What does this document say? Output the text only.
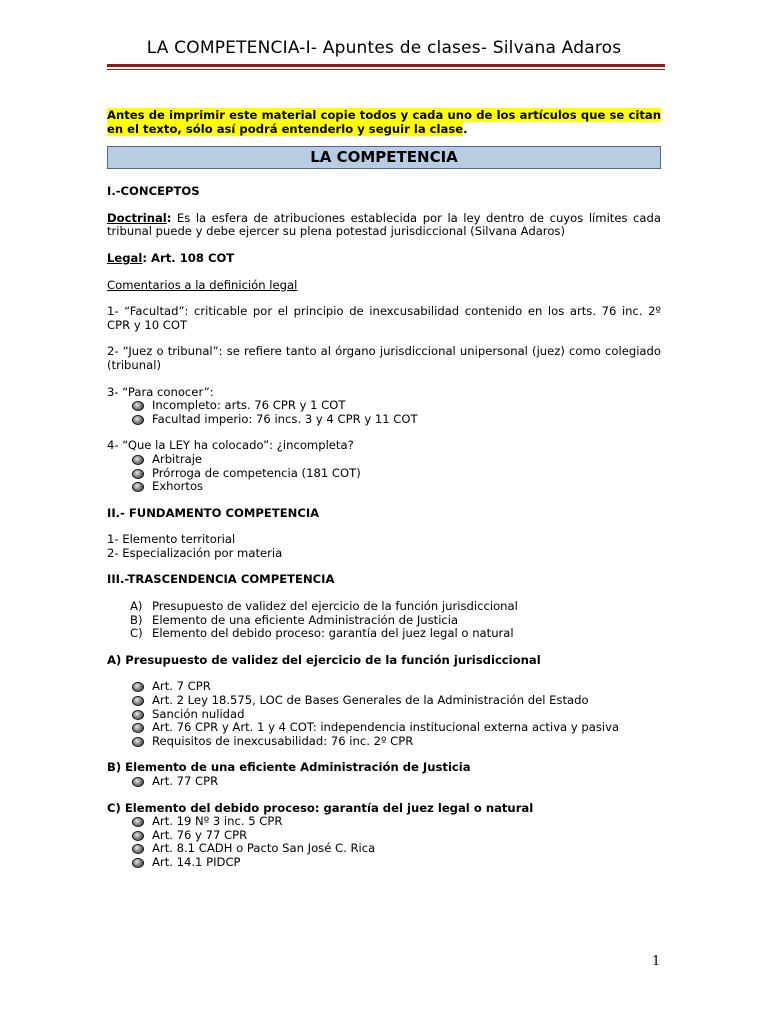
LA COMPETENCIA-I- Apuntes de clases- Silvana Adaros

Antes de imprimir este material copie todos y cada uno de los artículos que se citan en el texto, sólo así podrá entenderlo y seguir la clase.

LA COMPETENCIA

I.-CONCEPTOS

Doctrinal: Es la esfera de atribuciones establecida por la ley dentro de cuyos límites cada tribunal puede y debe ejercer su plena potestad jurisdiccional (Silvana Adaros)

Legal: Art. 108 COT

Comentarios a la definición legal

1- “Facultad”: criticable por el principio de inexcusabilidad contenido en los arts. 76 inc. 2º CPR y 10 COT

2- “Juez o tribunal”: se refiere tanto al órgano jurisdiccional unipersonal (juez) como colegiado (tribunal)

3- “Para conocer”:

Incompleto: arts. 76 CPR y 1 COT
Facultad imperio: 76 incs. 3 y 4 CPR y 11 COT

4- “Que la LEY ha colocado”: ¿incompleta?

Arbitraje
Prórroga de competencia (181 COT)
Exhortos

II.- FUNDAMENTO COMPETENCIA

1- Elemento territorial

2- Especialización por materia

III.-TRASCENDENCIA COMPETENCIA

A) Presupuesto de validez del ejercicio de la función jurisdiccional
B) Elemento de una eficiente Administración de Justicia
C) Elemento del debido proceso: garantía del juez legal o natural

A) Presupuesto de validez del ejercicio de la función jurisdiccional

Art. 7 CPR
Art. 2 Ley 18.575, LOC de Bases Generales de la Administración del Estado
Sanción nulidad
Art. 76 CPR y Art. 1 y 4 COT: independencia institucional externa activa y pasiva
Requisitos de inexcusabilidad: 76 inc. 2º CPR

B) Elemento de una eficiente Administración de Justicia

Art. 77 CPR

C) Elemento del debido proceso: garantía del juez legal o natural

Art. 19 Nº 3 inc. 5 CPR
Art. 76 y 77 CPR
Art. 8.1 CADH o Pacto San José C. Rica
Art. 14.1 PIDCP
1
